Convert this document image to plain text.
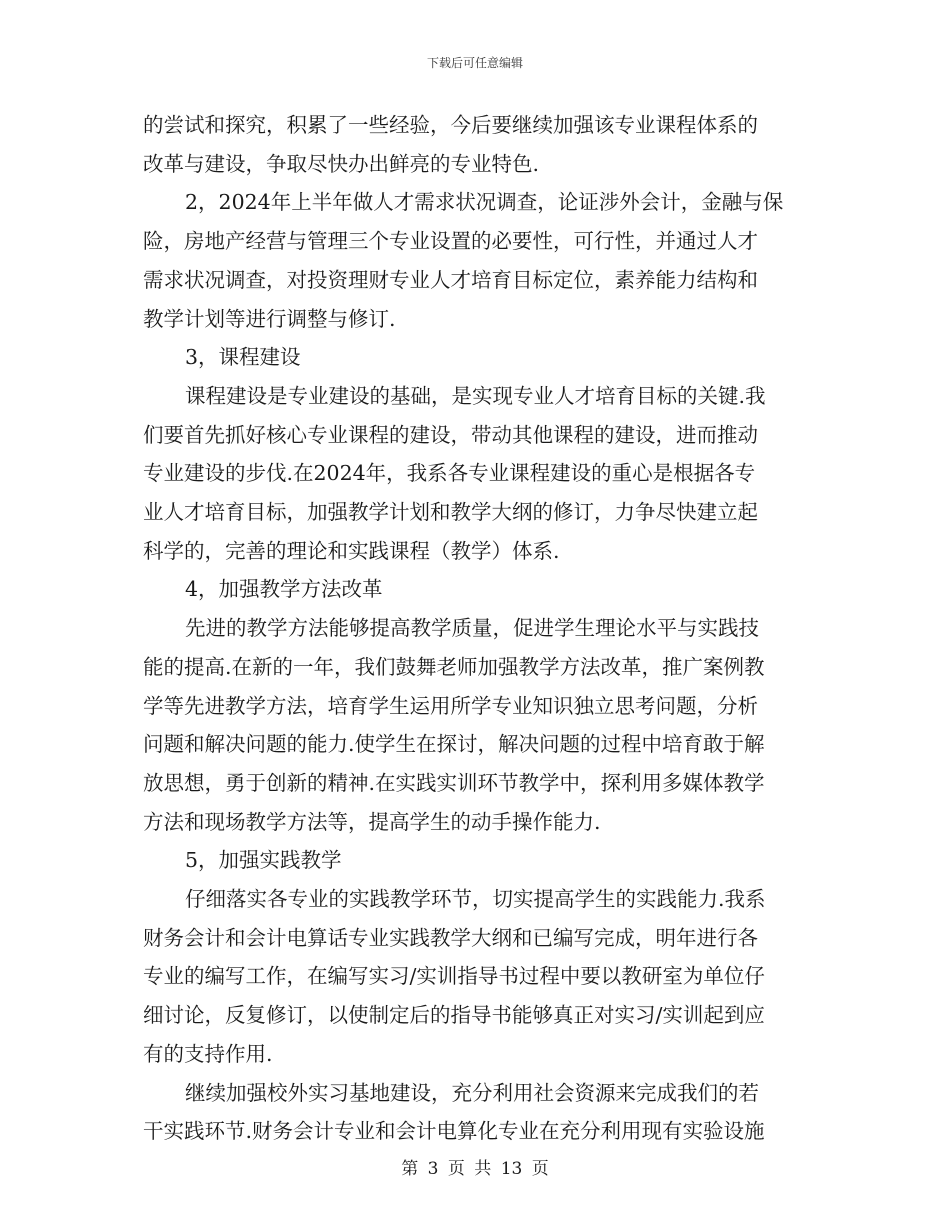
下载后可任意编辑
的尝试和探究，积累了一些经验，今后要继续加强该专业课程体系的
改革与建设，争取尽快办出鲜亮的专业特色.
2，2024年上半年做人才需求状况调查，论证涉外会计，金融与保
险，房地产经营与管理三个专业设置的必要性，可行性，并通过人才
需求状况调查，对投资理财专业人才培育目标定位，素养能力结构和
教学计划等进行调整与修订.
3，课程建设
课程建设是专业建设的基础，是实现专业人才培育目标的关键.我
们要首先抓好核心专业课程的建设，带动其他课程的建设，进而推动
专业建设的步伐.在2024年，我系各专业课程建设的重心是根据各专
业人才培育目标，加强教学计划和教学大纲的修订，力争尽快建立起
科学的，完善的理论和实践课程（教学）体系.
4，加强教学方法改革
先进的教学方法能够提高教学质量，促进学生理论水平与实践技
能的提高.在新的一年，我们鼓舞老师加强教学方法改革，推广案例教
学等先进教学方法，培育学生运用所学专业知识独立思考问题，分析
问题和解决问题的能力.使学生在探讨，解决问题的过程中培育敢于解
放思想，勇于创新的精神.在实践实训环节教学中，探利用多媒体教学
方法和现场教学方法等，提高学生的动手操作能力.
5，加强实践教学
仔细落实各专业的实践教学环节，切实提高学生的实践能力.我系
财务会计和会计电算话专业实践教学大纲和已编写完成，明年进行各
专业的编写工作，在编写实习/实训指导书过程中要以教研室为单位仔
细讨论，反复修订，以使制定后的指导书能够真正对实习/实训起到应
有的支持作用.
继续加强校外实习基地建设，充分利用社会资源来完成我们的若
干实践环节.财务会计专业和会计电算化专业在充分利用现有实验设施
第 3 页 共 13 页
